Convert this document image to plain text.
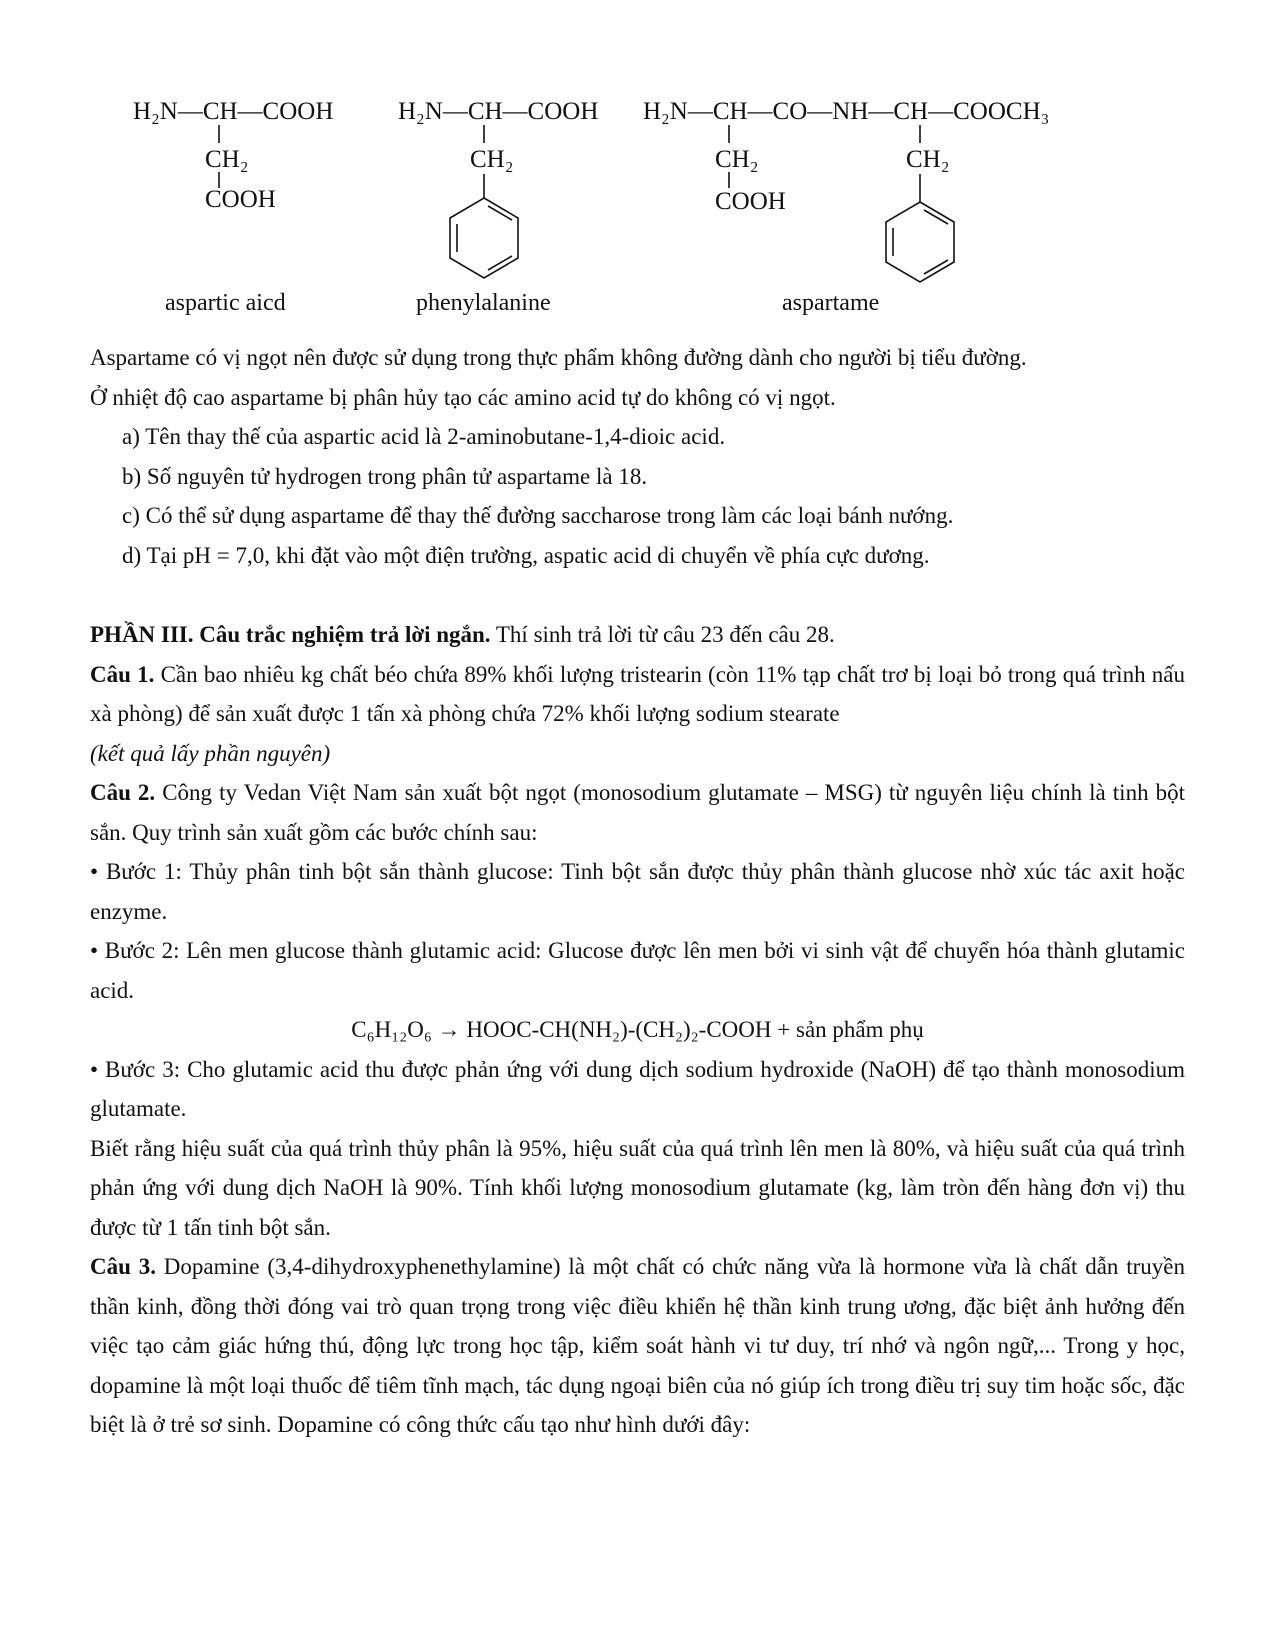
H₂N—CH—COOH
CH₂
COOH
aspartic aicd
H₂N—CH—COOH
CH₂
phenylalanine
H₂N—CH—CO—NH—CH—COOCH₃
CH₂
COOH
CH₂
aspartame

Aspartame có vị ngọt nên được sử dụng trong thực phẩm không đường dành cho người bị tiểu đường.

Ở nhiệt độ cao aspartame bị phân hủy tạo các amino acid tự do không có vị ngọt.

a) Tên thay thế của aspartic acid là 2-aminobutane-1,4-dioic acid.

b) Số nguyên tử hydrogen trong phân tử aspartame là 18.

c) Có thể sử dụng aspartame để thay thế đường saccharose trong làm các loại bánh nướng.

d) Tại pH = 7,0, khi đặt vào một điện trường, aspatic acid di chuyển về phía cực dương.

PHẦN III. Câu trắc nghiệm trả lời ngắn. Thí sinh trả lời từ câu 23 đến câu 28.

Câu 1. Cần bao nhiêu kg chất béo chứa 89% khối lượng tristearin (còn 11% tạp chất trơ bị loại bỏ trong quá trình nấu xà phòng) để sản xuất được 1 tấn xà phòng chứa 72% khối lượng sodium stearate

(kết quả lấy phần nguyên)

Câu 2. Công ty Vedan Việt Nam sản xuất bột ngọt (monosodium glutamate – MSG) từ nguyên liệu chính là tinh bột sắn. Quy trình sản xuất gồm các bước chính sau:

• Bước 1: Thủy phân tinh bột sắn thành glucose: Tinh bột sắn được thủy phân thành glucose nhờ xúc tác axit hoặc enzyme.

• Bước 2: Lên men glucose thành glutamic acid: Glucose được lên men bởi vi sinh vật để chuyển hóa thành glutamic acid.

C₆H₁₂O₆ → HOOC-CH(NH₂)-(CH₂)₂-COOH + sản phẩm phụ

• Bước 3: Cho glutamic acid thu được phản ứng với dung dịch sodium hydroxide (NaOH) để tạo thành monosodium glutamate.

Biết rằng hiệu suất của quá trình thủy phân là 95%, hiệu suất của quá trình lên men là 80%, và hiệu suất của quá trình phản ứng với dung dịch NaOH là 90%. Tính khối lượng monosodium glutamate (kg, làm tròn đến hàng đơn vị) thu được từ 1 tấn tinh bột sắn.

Câu 3. Dopamine (3,4-dihydroxyphenethylamine) là một chất có chức năng vừa là hormone vừa là chất dẫn truyền thần kinh, đồng thời đóng vai trò quan trọng trong việc điều khiển hệ thần kinh trung ương, đặc biệt ảnh hưởng đến việc tạo cảm giác hứng thú, động lực trong học tập, kiểm soát hành vi tư duy, trí nhớ và ngôn ngữ,... Trong y học, dopamine là một loại thuốc để tiêm tĩnh mạch, tác dụng ngoại biên của nó giúp ích trong điều trị suy tim hoặc sốc, đặc biệt là ở trẻ sơ sinh. Dopamine có công thức cấu tạo như hình dưới đây:
